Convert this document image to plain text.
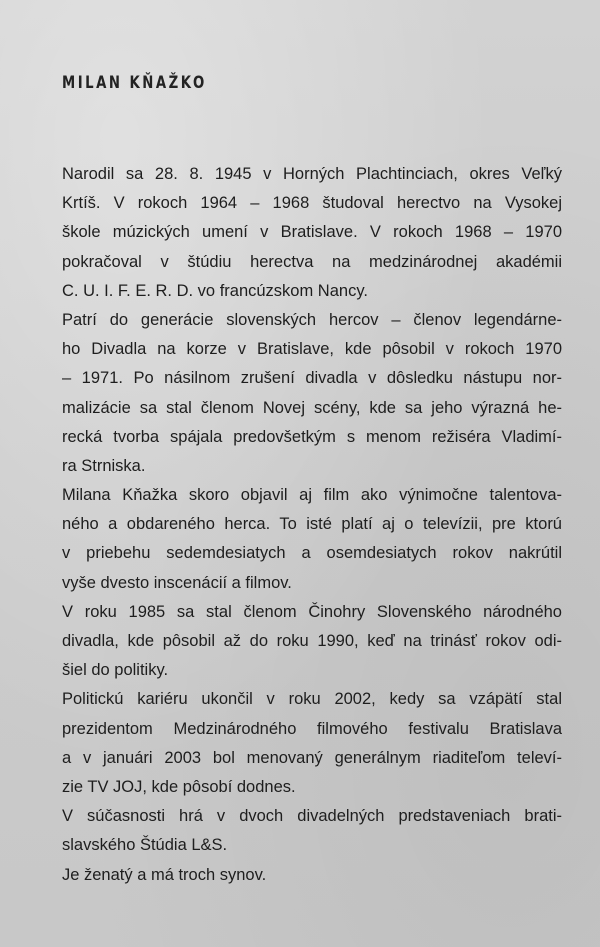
MILAN KŇAŽKO
Narodil sa 28. 8. 1945 v Horných Plachtinciach, okres Veľký
Krtíš. V rokoch 1964 – 1968 študoval herectvo na Vysokej
škole múzických umení v Bratislave. V rokoch 1968 – 1970
pokračoval v štúdiu herectva na medzinárodnej akadémii
C. U. I. F. E. R. D. vo francúzskom Nancy.
Patrí do generácie slovenských hercov – členov legendárne-
ho Divadla na korze v Bratislave, kde pôsobil v rokoch 1970
– 1971. Po násilnom zrušení divadla v dôsledku nástupu nor-
malizácie sa stal členom Novej scény, kde sa jeho výrazná he-
recká tvorba spájala predovšetkým s menom režiséra Vladimí-
ra Strniska.
Milana Kňažka skoro objavil aj film ako výnimočne talentova-
ného a obdareného herca. To isté platí aj o televízii, pre ktorú
v priebehu sedemdesiatych a osemdesiatych rokov nakrútil
vyše dvesto inscenácií a filmov.
V roku 1985 sa stal členom Činohry Slovenského národného
divadla, kde pôsobil až do roku 1990, keď na trinásť rokov odi-
šiel do politiky.
Politickú kariéru ukončil v roku 2002, kedy sa vzápätí stal
prezidentom Medzinárodného filmového festivalu Bratislava
a v januári 2003 bol menovaný generálnym riaditeľom televí-
zie TV JOJ, kde pôsobí dodnes.
V súčasnosti hrá v dvoch divadelných predstaveniach brati-
slavského Štúdia L&S.
Je ženatý a má troch synov.
